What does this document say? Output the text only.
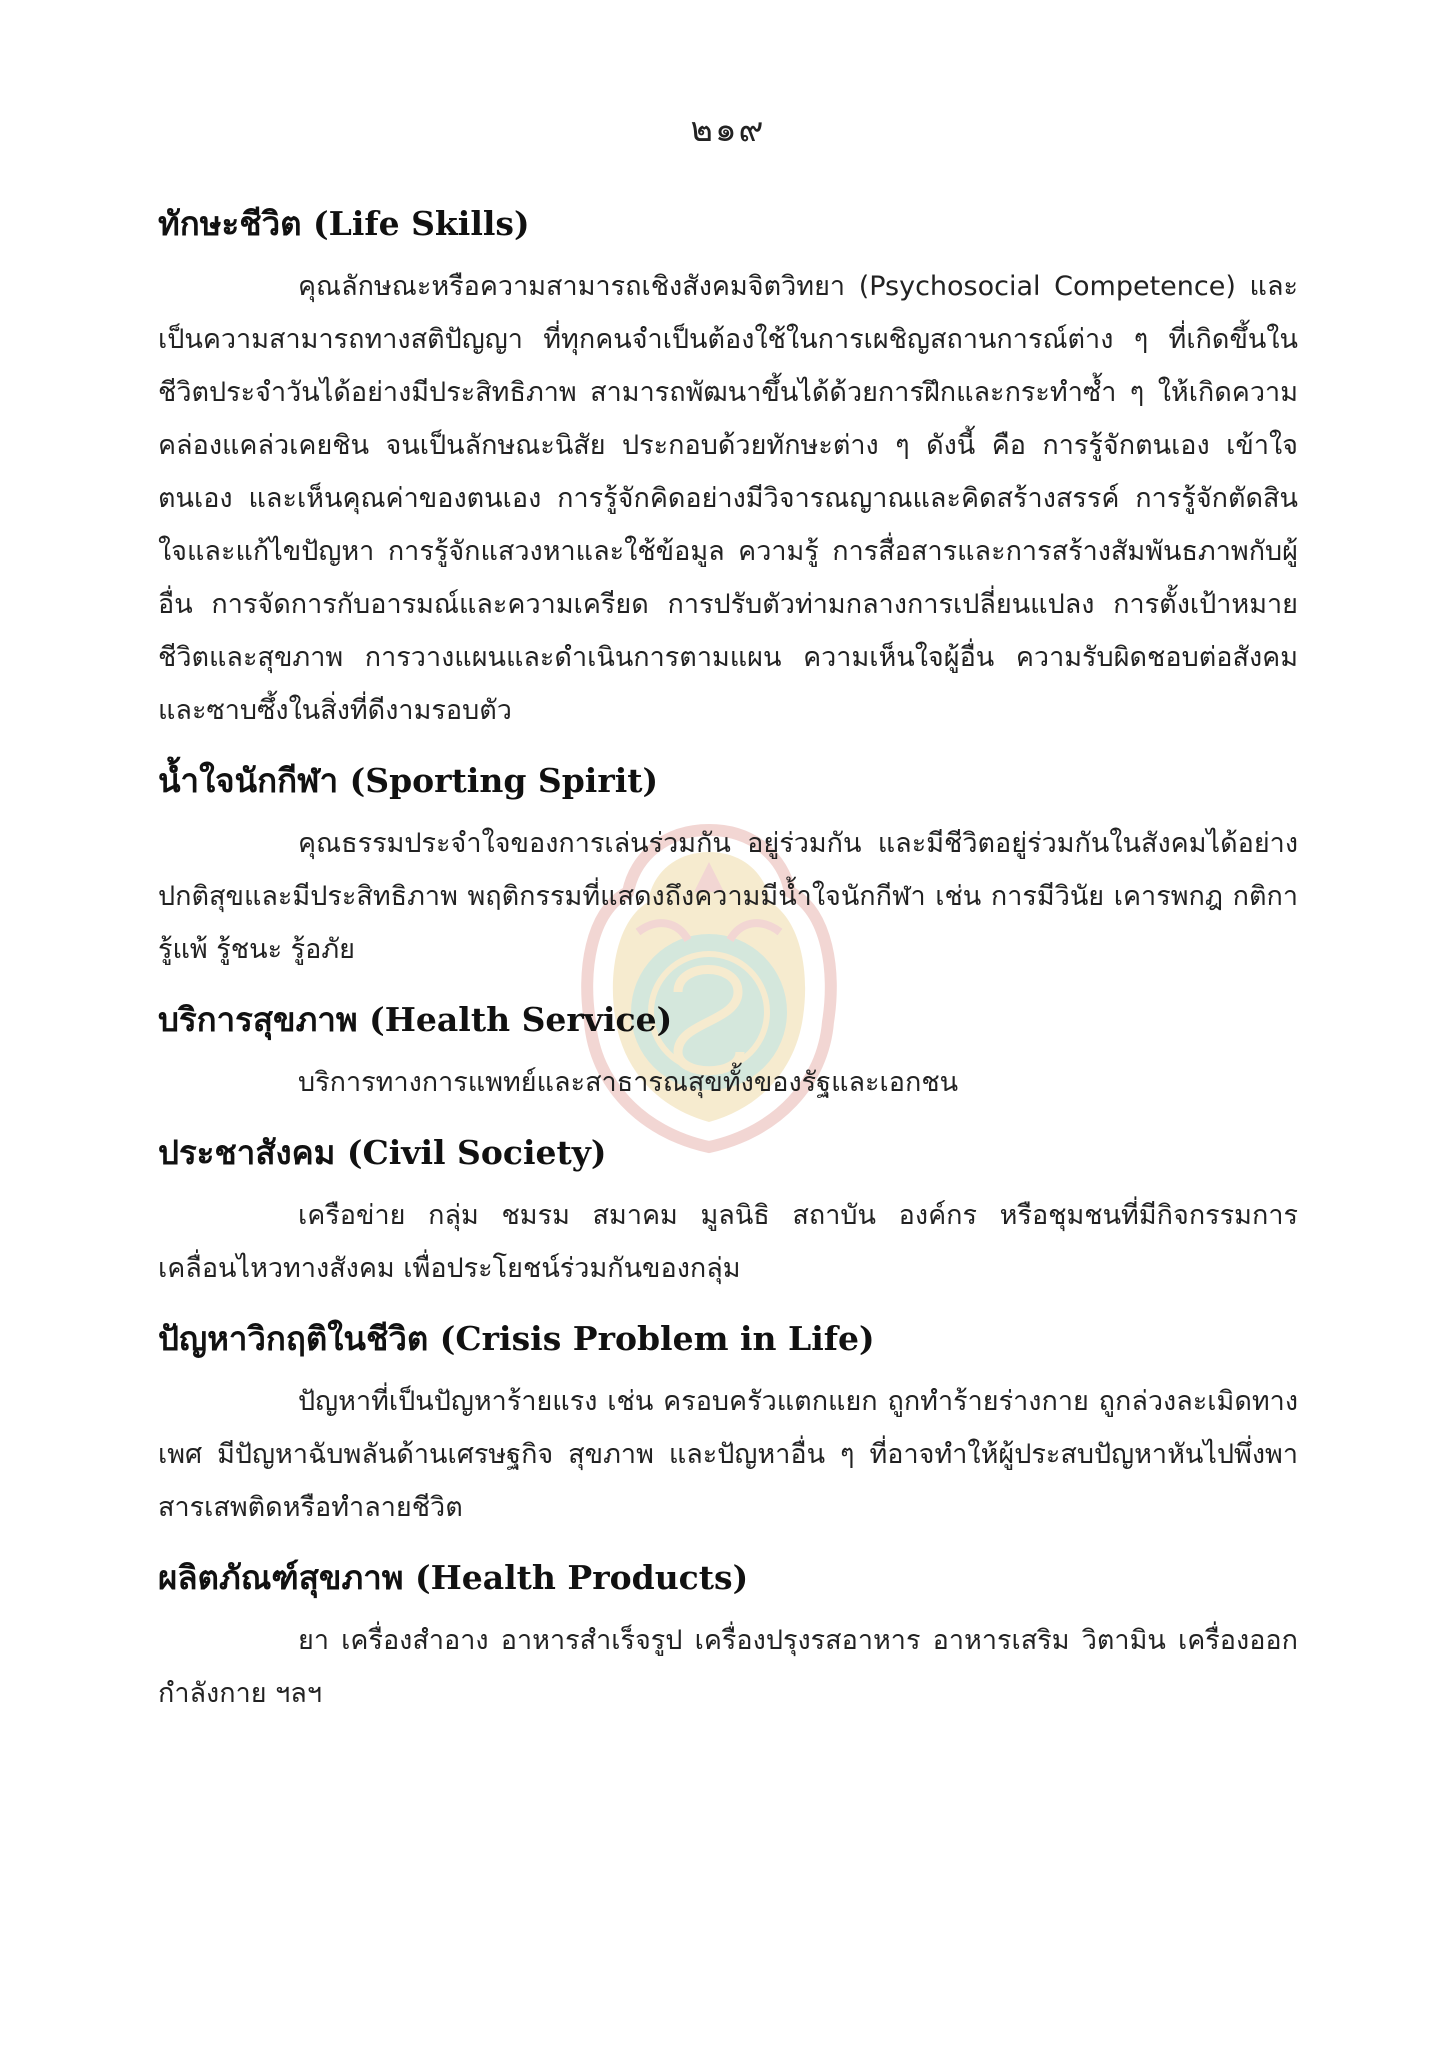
๒๑๙
ทักษะชีวิต (Life Skills)

คุณลักษณะหรือความสามารถเชิงสังคมจิตวิทยา (Psychosocial Competence) และเป็นความสามารถทางสติปัญญา ที่ทุกคนจำเป็นต้องใช้ในการเผชิญสถานการณ์ต่าง ๆ ที่เกิดขึ้นในชีวิตประจำวันได้อย่างมีประสิทธิภาพ สามารถพัฒนาขึ้นได้ด้วยการฝึกและกระทำซ้ำ ๆ ให้เกิดความคล่องแคล่วเคยชิน จนเป็นลักษณะนิสัย ประกอบด้วยทักษะต่าง ๆ ดังนี้ คือ การรู้จักตนเอง เข้าใจตนเอง และเห็นคุณค่าของตนเอง การรู้จักคิดอย่างมีวิจารณญาณและคิดสร้างสรรค์ การรู้จักตัดสินใจและแก้ไขปัญหา การรู้จักแสวงหาและใช้ข้อมูล ความรู้ การสื่อสารและการสร้างสัมพันธภาพกับผู้อื่น การจัดการกับอารมณ์และความเครียด การปรับตัวท่ามกลางการเปลี่ยนแปลง การตั้งเป้าหมายชีวิตและสุขภาพ การวางแผนและดำเนินการตามแผน ความเห็นใจผู้อื่น ความรับผิดชอบต่อสังคมและซาบซึ้งในสิ่งที่ดีงามรอบตัว

น้ำใจนักกีฬา (Sporting Spirit)

คุณธรรมประจำใจของการเล่นร่วมกัน อยู่ร่วมกัน และมีชีวิตอยู่ร่วมกันในสังคมได้อย่างปกติสุขและมีประสิทธิภาพ พฤติกรรมที่แสดงถึงความมีน้ำใจนักกีฬา เช่น การมีวินัย เคารพกฎ กติกา รู้แพ้ รู้ชนะ รู้อภัย

บริการสุขภาพ (Health Service)

บริการทางการแพทย์และสาธารณสุขทั้งของรัฐและเอกชน

ประชาสังคม (Civil Society)

เครือข่าย กลุ่ม ชมรม สมาคม มูลนิธิ สถาบัน องค์กร หรือชุมชนที่มีกิจกรรมการเคลื่อนไหวทางสังคม เพื่อประโยชน์ร่วมกันของกลุ่ม

ปัญหาวิกฤติในชีวิต (Crisis Problem in Life)

ปัญหาที่เป็นปัญหาร้ายแรง เช่น ครอบครัวแตกแยก ถูกทำร้ายร่างกาย ถูกล่วงละเมิดทางเพศ มีปัญหาฉับพลันด้านเศรษฐกิจ สุขภาพ และปัญหาอื่น ๆ ที่อาจทำให้ผู้ประสบปัญหาหันไปพึ่งพาสารเสพติดหรือทำลายชีวิต

ผลิตภัณฑ์สุขภาพ (Health Products)

ยา เครื่องสำอาง อาหารสำเร็จรูป เครื่องปรุงรสอาหาร อาหารเสริม วิตามิน เครื่องออกกำลังกาย ฯลฯ
